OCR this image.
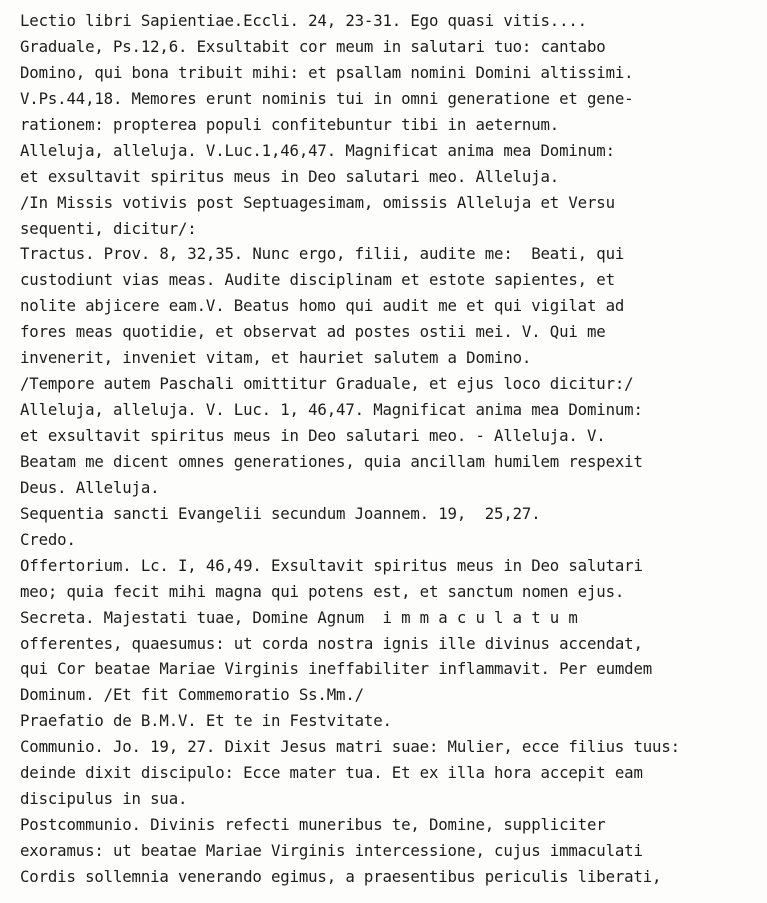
Lectio libri Sapientiae.Eccli. 24, 23-31. Ego quasi vitis....
Graduale, Ps.12,6. Exsultabit cor meum in salutari tuo: cantabo
Domino, qui bona tribuit mihi: et psallam nomini Domini altissimi.
V.Ps.44,18. Memores erunt nominis tui in omni generatione et gene-
rationem: propterea populi confitebuntur tibi in aeternum.
Alleluja, alleluja. V.Luc.1,46,47. Magnificat anima mea Dominum:
et exsultavit spiritus meus in Deo salutari meo. Alleluja.
/In Missis votivis post Septuagesimam, omissis Alleluja et Versu
sequenti, dicitur/:
Tractus. Prov. 8, 32,35. Nunc ergo, filii, audite me:  Beati, qui
custodiunt vias meas. Audite disciplinam et estote sapientes, et
nolite abjicere eam.V. Beatus homo qui audit me et qui vigilat ad
fores meas quotidie, et observat ad postes ostii mei. V. Qui me
invenerit, inveniet vitam, et hauriet salutem a Domino.
/Tempore autem Paschali omittitur Graduale, et ejus loco dicitur:/
Alleluja, alleluja. V. Luc. 1, 46,47. Magnificat anima mea Dominum:
et exsultavit spiritus meus in Deo salutari meo. - Alleluja. V.
Beatam me dicent omnes generationes, quia ancillam humilem respexit
Deus. Alleluja.
Sequentia sancti Evangelii secundum Joannem. 19,  25,27.
Credo.
Offertorium. Lc. I, 46,49. Exsultavit spiritus meus in Deo salutari
meo; quia fecit mihi magna qui potens est, et sanctum nomen ejus.
Secreta. Majestati tuae, Domine Agnum  i m m a c u l a t u m
offerentes, quaesumus: ut corda nostra ignis ille divinus accendat,
qui Cor beatae Mariae Virginis ineffabiliter inflammavit. Per eumdem
Dominum. /Et fit Commemoratio Ss.Mm./
Praefatio de B.M.V. Et te in Festvitate.
Communio. Jo. 19, 27. Dixit Jesus matri suae: Mulier, ecce filius tuus:
deinde dixit discipulo: Ecce mater tua. Et ex illa hora accepit eam
discipulus in sua.
Postcommunio. Divinis refecti muneribus te, Domine, suppliciter
exoramus: ut beatae Mariae Virginis intercessione, cujus immaculati
Cordis sollemnia venerando egimus, a praesentibus periculis liberati,
